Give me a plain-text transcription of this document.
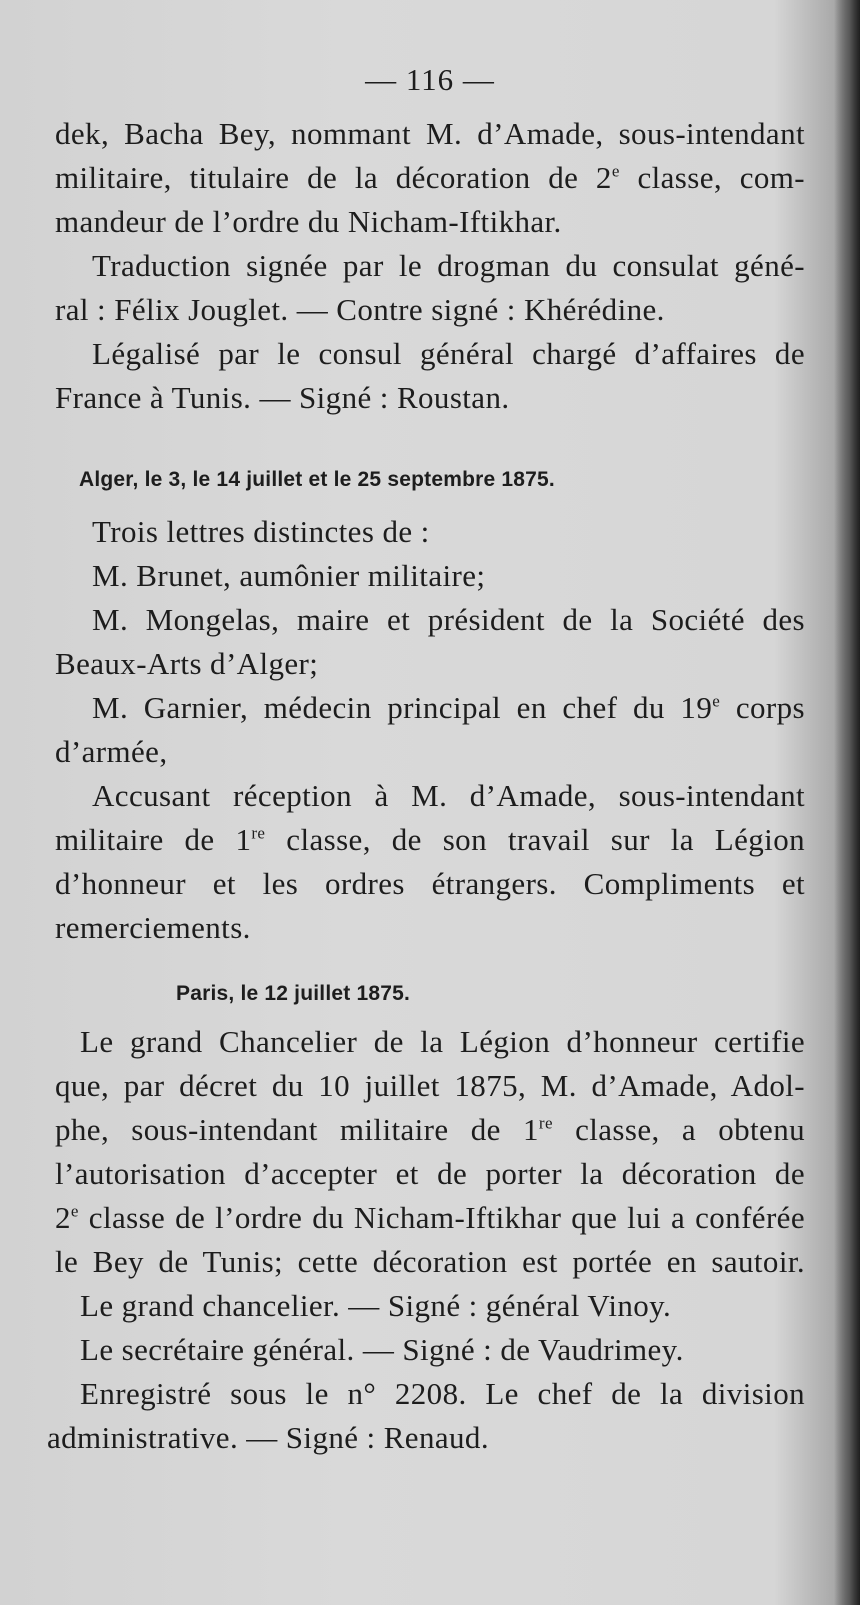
— 116 —
dek, Bacha Bey, nommant M. d’Amade, sous-intendant
militaire, titulaire de la décoration de 2e classe, com-
mandeur de l’ordre du Nicham-Iftikhar.
Traduction signée par le drogman du consulat géné-
ral : Félix Jouglet. — Contre signé : Khérédine.
Légalisé par le consul général chargé d’affaires de
France à Tunis. — Signé : Roustan.
Alger, le 3, le 14 juillet et le 25 septembre 1875.
Trois lettres distinctes de :
M. Brunet, aumônier militaire;
M. Mongelas, maire et président de la Société des
Beaux-Arts d’Alger;
M. Garnier, médecin principal en chef du 19e corps
d’armée,
Accusant réception à M. d’Amade, sous-intendant
militaire de 1re classe, de son travail sur la Légion
d’honneur et les ordres étrangers. Compliments et
remerciements.
Paris, le 12 juillet 1875.
Le grand Chancelier de la Légion d’honneur certifie
que, par décret du 10 juillet 1875, M. d’Amade, Adol-
phe, sous-intendant militaire de 1re classe, a obtenu
l’autorisation d’accepter et de porter la décoration de
2e classe de l’ordre du Nicham-Iftikhar que lui a conférée
le Bey de Tunis; cette décoration est portée en sautoir.
Le grand chancelier. — Signé : général Vinoy.
Le secrétaire général. — Signé : de Vaudrimey.
Enregistré sous le n° 2208. Le chef de la division
administrative. — Signé : Renaud.
